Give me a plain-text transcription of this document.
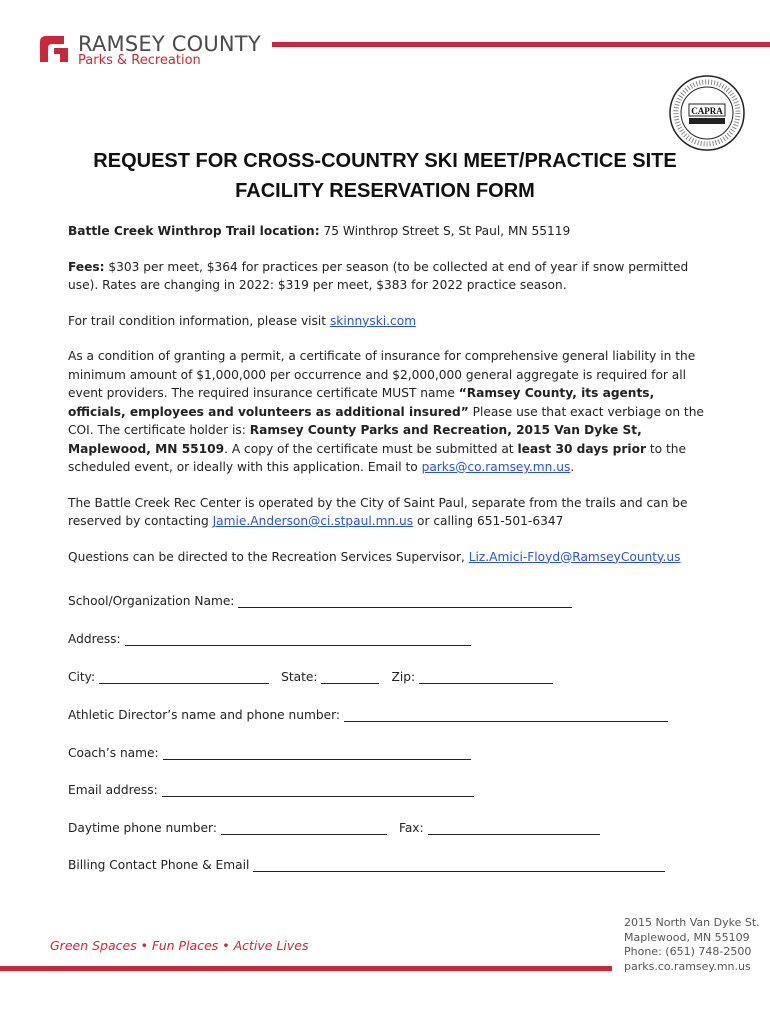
RAMSEY COUNTY
Parks & Recreation
CAPRA
REQUEST FOR CROSS-COUNTRY SKI MEET/PRACTICE SITE
FACILITY RESERVATION FORM

Battle Creek Winthrop Trail location: 75 Winthrop Street S, St Paul, MN 55119

Fees: $303 per meet, $364 for practices per season (to be collected at end of year if snow permitted use). Rates are changing in 2022: $319 per meet, $383 for 2022 practice season.

For trail condition information, please visit skinnyski.com

As a condition of granting a permit, a certificate of insurance for comprehensive general liability in the minimum amount of $1,000,000 per occurrence and $2,000,000 general aggregate is required for all event providers. The required insurance certificate MUST name “Ramsey County, its agents, officials, employees and volunteers as additional insured” Please use that exact verbiage on the COI. The certificate holder is: Ramsey County Parks and Recreation, 2015 Van Dyke St, Maplewood, MN 55109. A copy of the certificate must be submitted at least 30 days prior to the scheduled event, or ideally with this application. Email to parks@co.ramsey.mn.us.

The Battle Creek Rec Center is operated by the City of Saint Paul, separate from the trails and can be reserved by contacting Jamie.Anderson@ci.stpaul.mn.us or calling 651-501-6347

Questions can be directed to the Recreation Services Supervisor, Liz.Amici-Floyd@RamseyCounty.us

School/Organization Name:
Address:
City:	State:	Zip:
Athletic Director’s name and phone number:
Coach’s name:
Email address:
Daytime phone number:	Fax:
Billing Contact Phone & Email
Green Spaces • Fun Places • Active Lives
2015 North Van Dyke St.
Maplewood, MN 55109
Phone: (651) 748-2500
parks.co.ramsey.mn.us
